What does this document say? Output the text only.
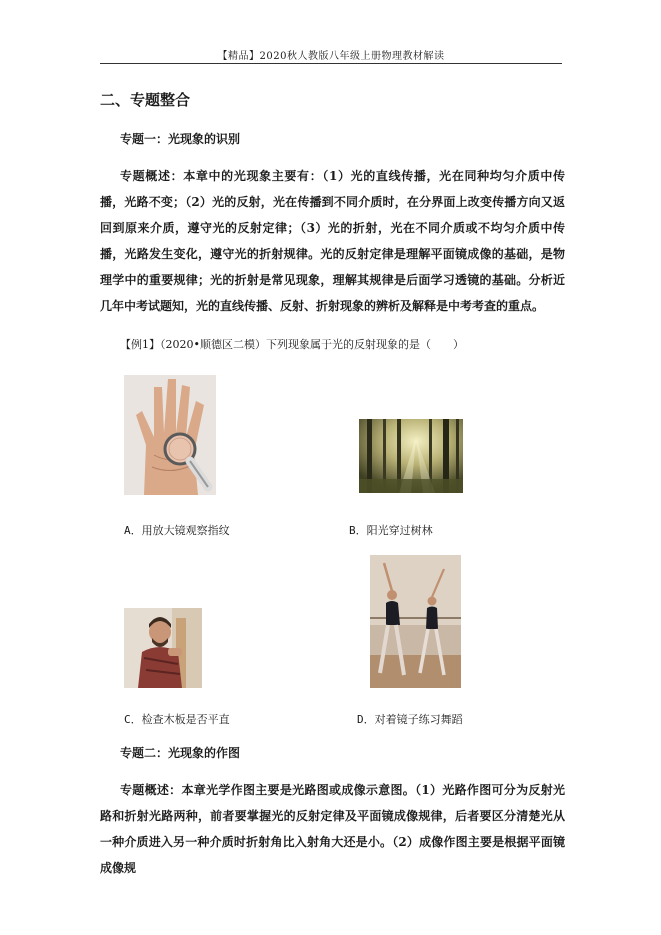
【精品】2020秋人教版八年级上册物理教材解读
二、专题整合
专题一：光现象的识别

专题概述：本章中的光现象主要有：（1）光的直线传播，光在同种均匀介质中传播，光路不变；（2）光的反射，光在传播到不同介质时，在分界面上改变传播方向又返回到原来介质，遵守光的反射定律；（3）光的折射，光在不同介质或不均匀介质中传播，光路发生变化，遵守光的折射规律。光的反射定律是理解平面镜成像的基础，是物理学中的重要规律；光的折射是常见现象，理解其规律是后面学习透镜的基础。分析近几年中考试题知，光的直线传播、反射、折射现象的辨析及解释是中考考查的重点。

【例1】（2020•顺德区二模）下列现象属于光的反射现象的是（　　）
A．用放大镜观察指纹	B．阳光穿过树林
C．检查木板是否平直	D．对着镜子练习舞蹈
专题二：光现象的作图

专题概述：本章光学作图主要是光路图或成像示意图。（1）光路作图可分为反射光路和折射光路两种，前者要掌握光的反射定律及平面镜成像规律，后者要区分清楚光从一种介质进入另一种介质时折射角比入射角大还是小。（2）成像作图主要是根据平面镜成像规
